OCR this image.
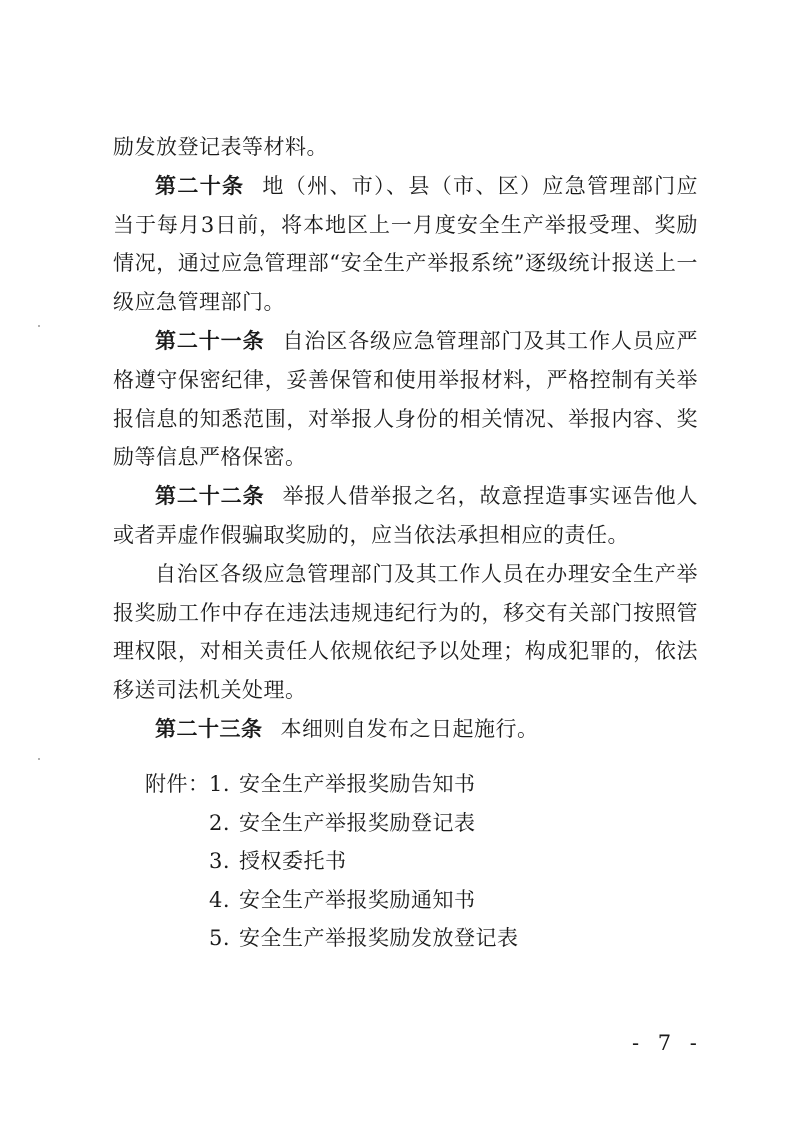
励发放登记表等材料。

第二十条 地（州、市）、县（市、区）应急管理部门应当于每月3日前，将本地区上一月度安全生产举报受理、奖励情况，通过应急管理部“安全生产举报系统”逐级统计报送上一级应急管理部门。

第二十一条 自治区各级应急管理部门及其工作人员应严格遵守保密纪律，妥善保管和使用举报材料，严格控制有关举报信息的知悉范围，对举报人身份的相关情况、举报内容、奖励等信息严格保密。

第二十二条 举报人借举报之名，故意捏造事实诬告他人或者弄虚作假骗取奖励的，应当依法承担相应的责任。

自治区各级应急管理部门及其工作人员在办理安全生产举报奖励工作中存在违法违规违纪行为的，移交有关部门按照管理权限，对相关责任人依规依纪予以处理；构成犯罪的，依法移送司法机关处理。

第二十三条 本细则自发布之日起施行。

附件： 1. 安全生产举报奖励告知书
2. 安全生产举报奖励登记表
3. 授权委托书
4. 安全生产举报奖励通知书
5. 安全生产举报奖励发放登记表
- 7 -
